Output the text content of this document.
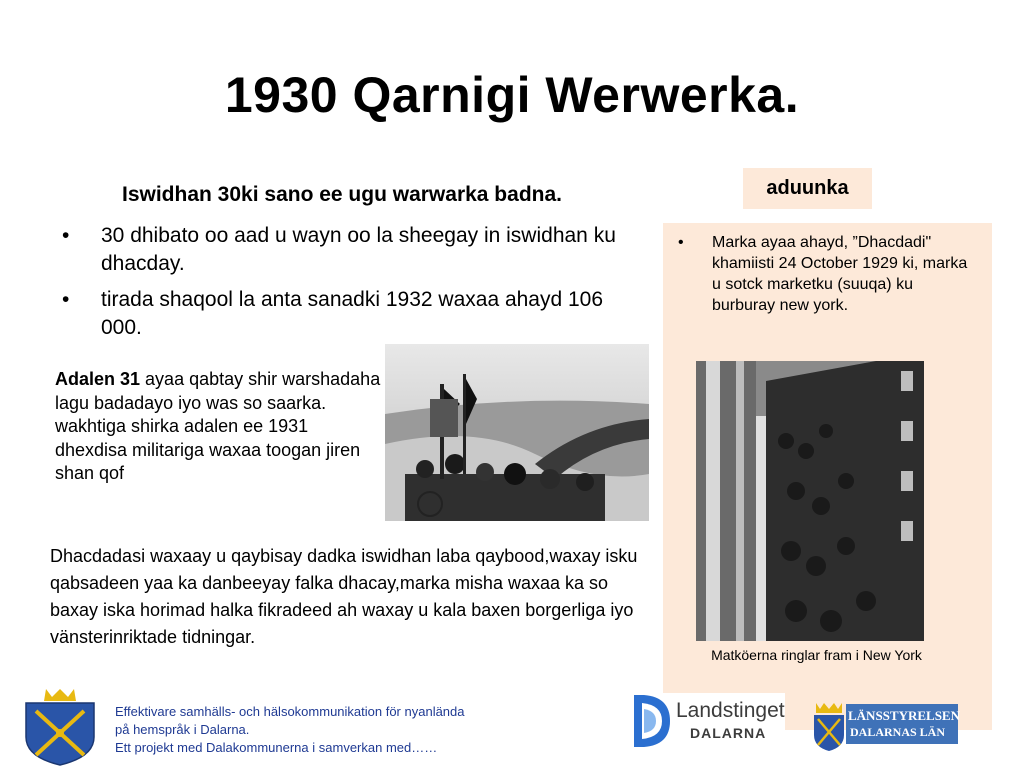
1930 Qarnigi Werwerka.
Iswidhan 30ki sano ee ugu warwarka badna.
• 30 dhibato oo aad u wayn oo la sheegay in iswidhan ku dhacday.
• tirada shaqool la anta sanadki 1932 waxaa ahayd 106 000.
Adalen 31 ayaa qabtay shir warshadaha lagu badadayo iyo was so saarka.
wakhtiga shirka adalen ee 1931 dhexdisa militariga waxaa toogan jiren shan qof
Dhacdadasi waxaay u qaybisay dadka iswidhan laba qaybood,waxay isku qabsadeen yaa ka danbeeyay falka dhacay,marka misha waxaa ka so baxay iska horimad halka fikradeed ah waxay u kala baxen borgerliga iyo vänsterinriktade tidningar.
aduunka

• Marka ayaa ahayd, ”Dhacdadi" khamiisti 24 October 1929 ki, marka u sotck marketku (suuqa) ku burburay new york.

Matköerna ringlar fram i New York
Effektivare samhälls- och hälsokommunikation för nyanlända
på hemspråk i Dalarna.
Ett projekt med Dalakommunerna i samverkan med……
Landstinget
DALARNA
LÄNSSTYRELSEN
DALARNAS LÄN
